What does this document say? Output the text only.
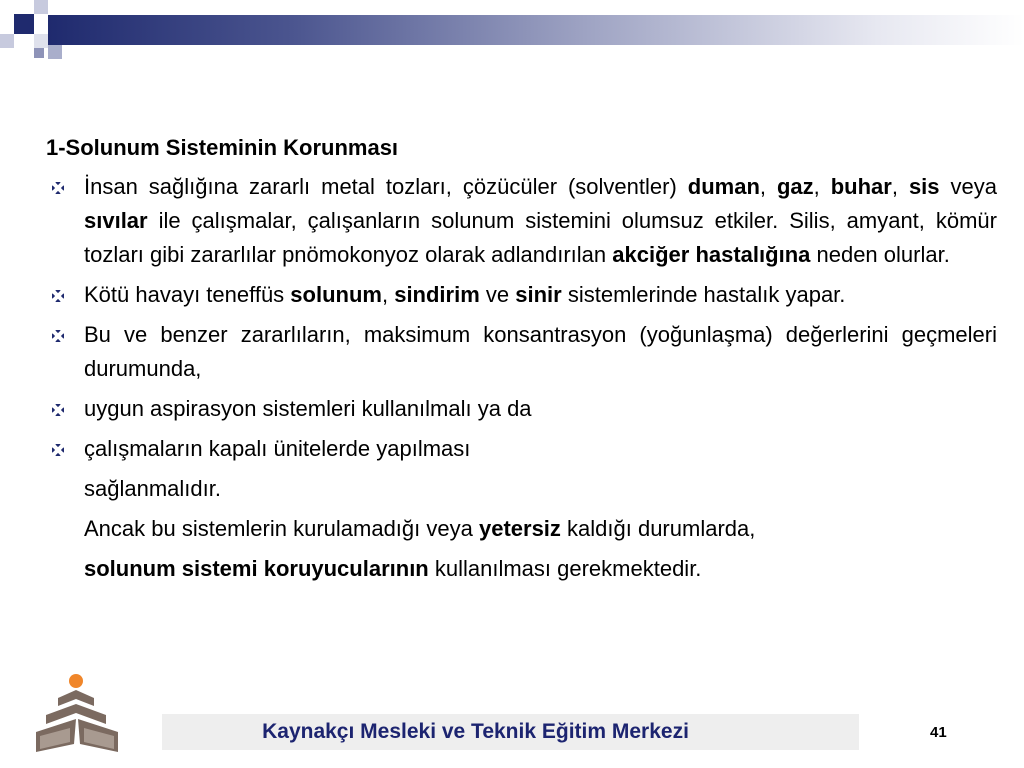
1-Solunum Sisteminin Korunması
İnsan sağlığına zararlı metal tozları, çözücüler (solventler) duman, gaz, buhar, sis veya sıvılar ile çalışmalar, çalışanların solunum sistemini olumsuz etkiler. Silis, amyant, kömür tozları gibi zararlılar pnömokonyoz olarak adlandırılan akciğer hastalığına neden olurlar.
Kötü havayı teneffüs solunum, sindirim ve sinir sistemlerinde hastalık yapar.
Bu ve benzer zararlıların, maksimum konsantrasyon (yoğunlaşma) değerlerini geçmeleri durumunda,
uygun aspirasyon sistemleri kullanılmalı ya da
çalışmaların kapalı ünitelerde yapılması
sağlanmalıdır.
Ancak bu sistemlerin kurulamadığı veya yetersiz kaldığı durumlarda,
solunum sistemi koruyucularının kullanılması gerekmektedir.
Kaynakçı Mesleki ve Teknik Eğitim Merkezi	41
